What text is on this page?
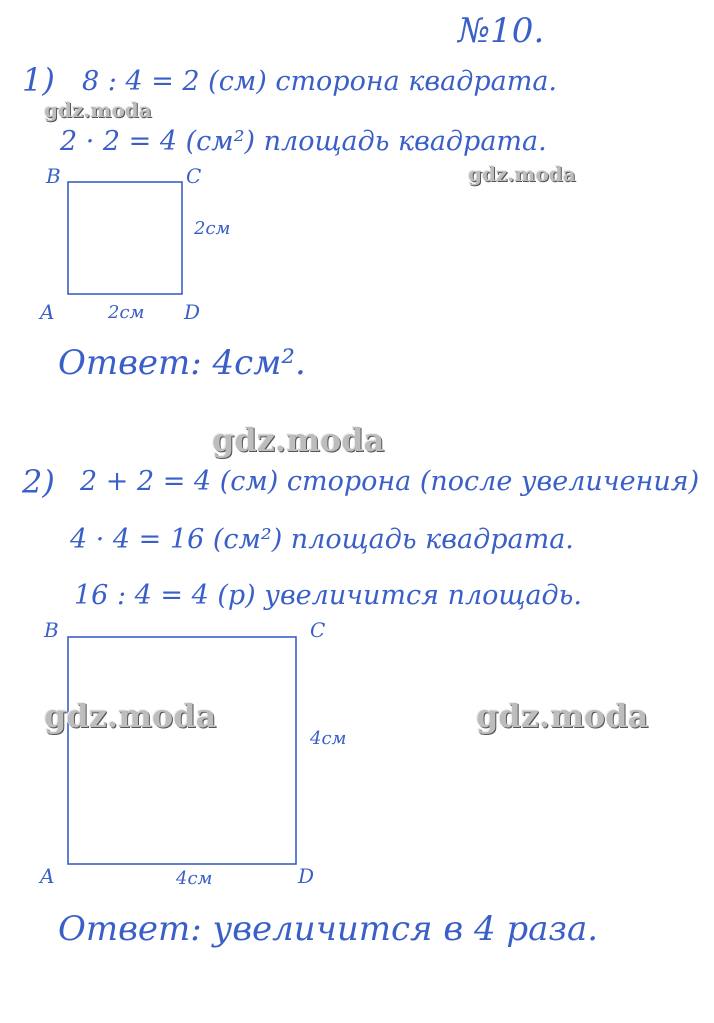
№10.
1) 8 : 4 = 2 (см) сторона квадрата.
2 · 2 = 4 (см²) площадь квадрата.
B	C
2см
A	2см D
Ответ: 4см².
2) 2 + 2 = 4 (см) сторона (после увеличения)
4 · 4 = 16 (см²) площадь квадрата.
16 : 4 = 4 (р) увеличится площадь.
B	C
4см
A	4см	D
Ответ: увеличится в 4 раза.
gdz.moda
gdz.moda
gdz.moda
gdz.moda	gdz.moda
